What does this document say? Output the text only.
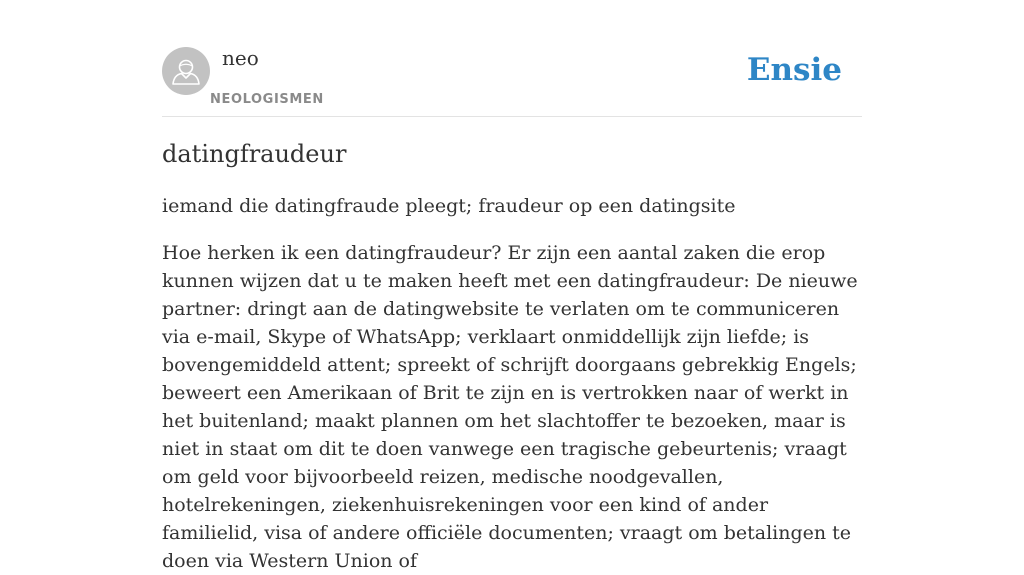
neo
NEOLOGISMEN
Ensie
datingfraudeur

iemand die datingfraude pleegt; fraudeur op een datingsite

Hoe herken ik een datingfraudeur? Er zijn een aantal zaken die erop kunnen wijzen dat u te maken heeft met een datingfraudeur: De nieuwe partner: dringt aan de datingwebsite te verlaten om te communiceren via e-mail, Skype of WhatsApp; verklaart onmiddellijk zijn liefde; is bovengemiddeld attent; spreekt of schrijft doorgaans gebrekkig Engels; beweert een Amerikaan of Brit te zijn en is vertrokken naar of werkt in het buitenland; maakt plannen om het slachtoffer te bezoeken, maar is niet in staat om dit te doen vanwege een tragische gebeurtenis; vraagt om geld voor bijvoorbeeld reizen, medische noodgevallen, hotelrekeningen, ziekenhuisrekeningen voor een kind of ander familielid, visa of andere officiële documenten; vraagt om betalingen te doen via Western Union of
